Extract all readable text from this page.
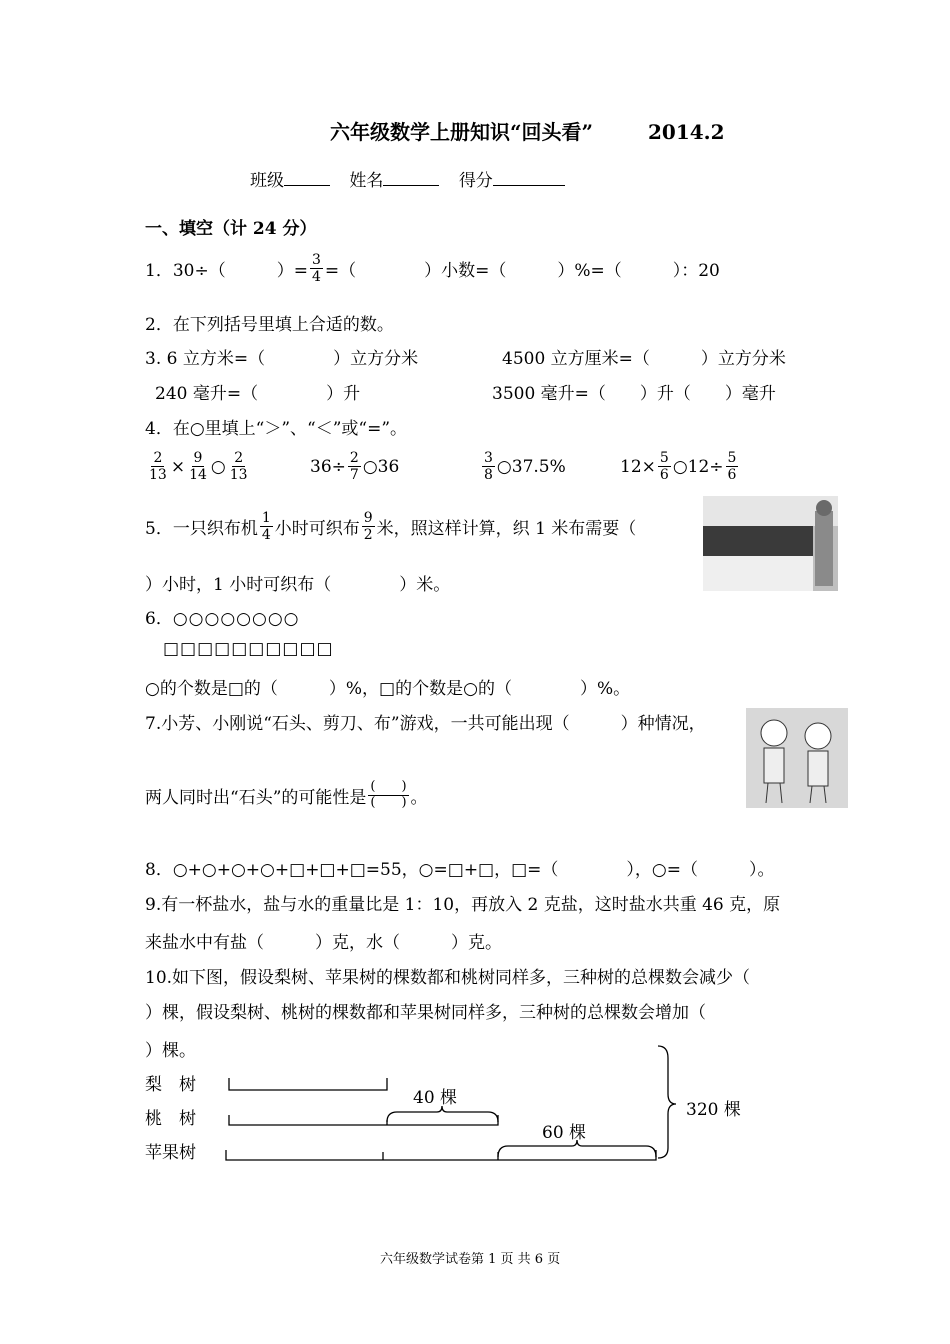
六年级数学上册知识“回头看”	2014.2
班级	姓名	得分
一、填空（计 24 分）
1．30÷（　　　）= $\frac{3}{4}$ =（　　　　）小数=（　　　）%=（　　　）：20
2．在下列括号里填上合适的数。
3. 6 立方米=（　　　　）立方分米	4500 立方厘米=（　　　）立方分米
240 毫升=（　　　　）升	3500 毫升=（　　）升（　　）毫升
4．在○里填上“＞”、“＜”或“=”。
$\frac{2}{13} \times \frac{9}{14}$ ○ $\frac{2}{13}$	$36\div \frac{2}{7}$ ○36	$\frac{3}{8}$ ○37.5%	$12\times \frac{5}{6}$ ○12÷ $\frac{5}{6}$
5．一只织布机 $\frac{1}{4}$ 小时可织布 $\frac{9}{2}$ 米，照这样计算，织 1 米布需要（
）小时，1 小时可织布（　　　　）米。
6．○○○○○○○○
□□□□□□□□□□
○的个数是□的（　　　）%，□的个数是○的（　　　　）%。
7.小芳、小刚说“石头、剪刀、布”游戏，一共可能出现（　　　）种情况，
两人同时出“石头”的可能性是 $\frac{( )}{( )}$ 。
8．○+○+○+○+□+□+□=55，○=□+□，□=（　　　　），○=（　　　）。
9.有一杯盐水，盐与水的重量比是 1：10，再放入 2 克盐，这时盐水共重 46 克，原
来盐水中有盐（　　　）克，水（　　　）克。
10.如下图，假设梨树、苹果树的棵数都和桃树同样多，三种树的总棵数会减少（
）棵，假设梨树、桃树的棵数都和苹果树同样多，三种树的总棵数会增加（
）棵。
梨　树
桃　树
苹果树
40 棵
60 棵
320 棵
六年级数学试卷第 1 页 共 6 页
